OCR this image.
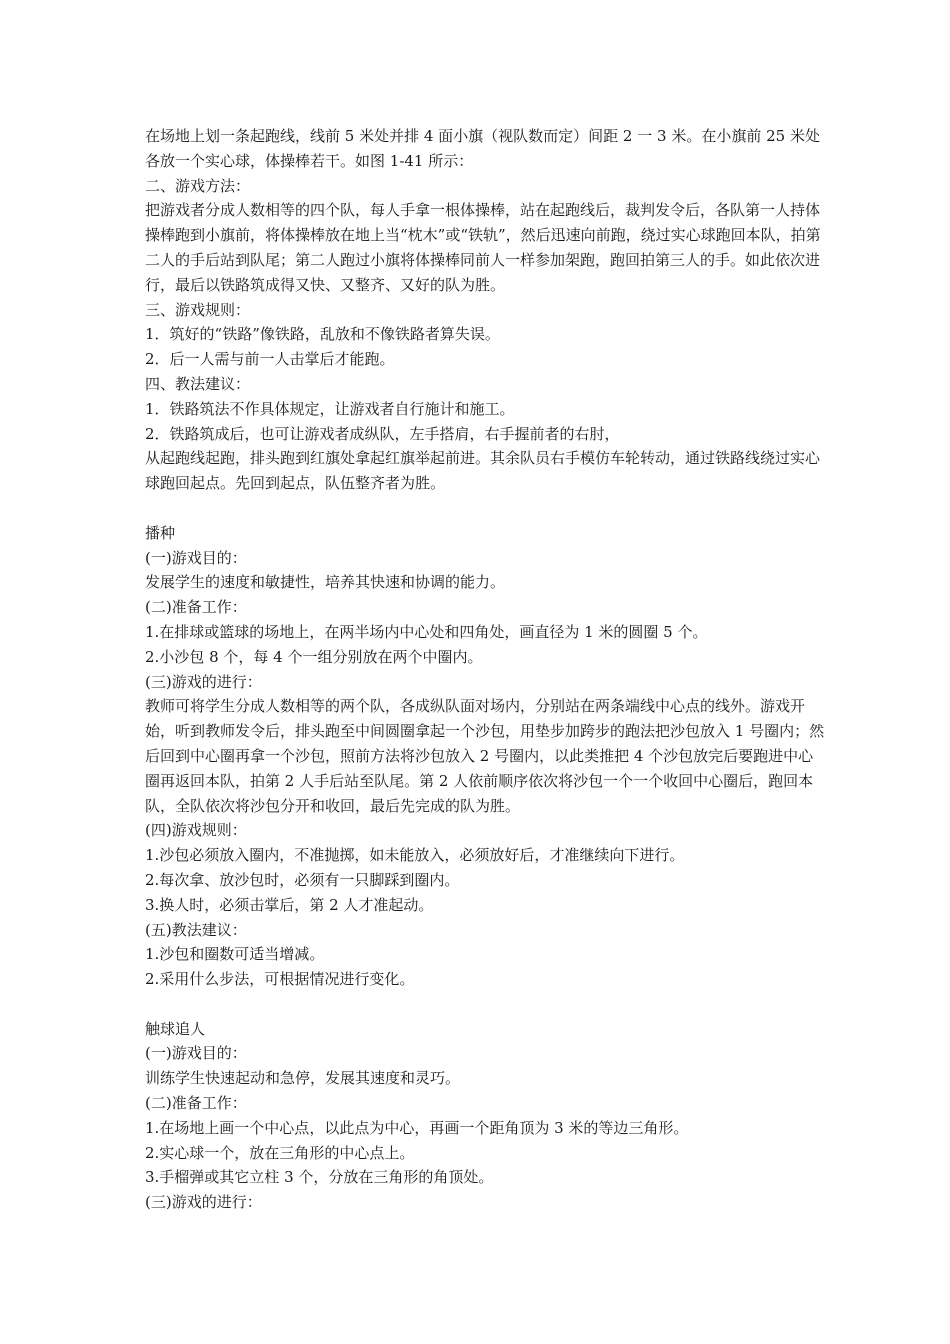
在场地上划一条起跑线，线前 5 米处并排 4 面小旗（视队数而定）间距 2 一 3 米。在小旗前 25 米处各放一个实心球，体操棒若干。如图 1-41 所示：

二、游戏方法：

把游戏者分成人数相等的四个队，每人手拿一根体操棒，站在起跑线后，裁判发令后，各队第一人持体操棒跑到小旗前，将体操棒放在地上当“枕木”或“铁轨”，然后迅速向前跑，绕过实心球跑回本队，拍第二人的手后站到队尾；第二人跑过小旗将体操棒同前人一样参加架跑，跑回拍第三人的手。如此依次进行，最后以铁路筑成得又快、又整齐、又好的队为胜。

三、游戏规则：

1．筑好的“铁路”像铁路，乱放和不像铁路者算失误。

2．后一人需与前一人击掌后才能跑。

四、教法建议：

1．铁路筑法不作具体规定，让游戏者自行施计和施工。

2．铁路筑成后，也可让游戏者成纵队，左手搭肩，右手握前者的右肘，

从起跑线起跑，排头跑到红旗处拿起红旗举起前进。其余队员右手模仿车轮转动，通过铁路线绕过实心球跑回起点。先回到起点，队伍整齐者为胜。

播种

(一)游戏目的：

发展学生的速度和敏捷性，培养其快速和协调的能力。

(二)准备工作：

1.在排球或篮球的场地上，在两半场内中心处和四角处，画直径为 1 米的圆圈 5 个。

2.小沙包 8 个，每 4 个一组分别放在两个中圈内。

(三)游戏的进行：

教师可将学生分成人数相等的两个队，各成纵队面对场内，分别站在两条端线中心点的线外。游戏开始，听到教师发令后，排头跑至中间圆圈拿起一个沙包，用垫步加跨步的跑法把沙包放入 1 号圈内；然后回到中心圈再拿一个沙包，照前方法将沙包放入 2 号圈内，以此类推把 4 个沙包放完后要跑进中心圈再返回本队，拍第 2 人手后站至队尾。第 2 人依前顺序依次将沙包一个一个收回中心圈后，跑回本队，全队依次将沙包分开和收回，最后先完成的队为胜。

(四)游戏规则：

1.沙包必须放入圈内，不准抛掷，如未能放入，必须放好后，才准继续向下进行。

2.每次拿、放沙包时，必须有一只脚踩到圈内。

3.换人时，必须击掌后，第 2 人才准起动。

(五)教法建议：

1.沙包和圈数可适当增减。

2.采用什么步法，可根据情况进行变化。

触球追人

(一)游戏目的：

训练学生快速起动和急停，发展其速度和灵巧。

(二)准备工作：

1.在场地上画一个中心点，以此点为中心，再画一个距角顶为 3 米的等边三角形。

2.实心球一个，放在三角形的中心点上。

3.手榴弹或其它立柱 3 个，分放在三角形的角顶处。

(三)游戏的进行：
